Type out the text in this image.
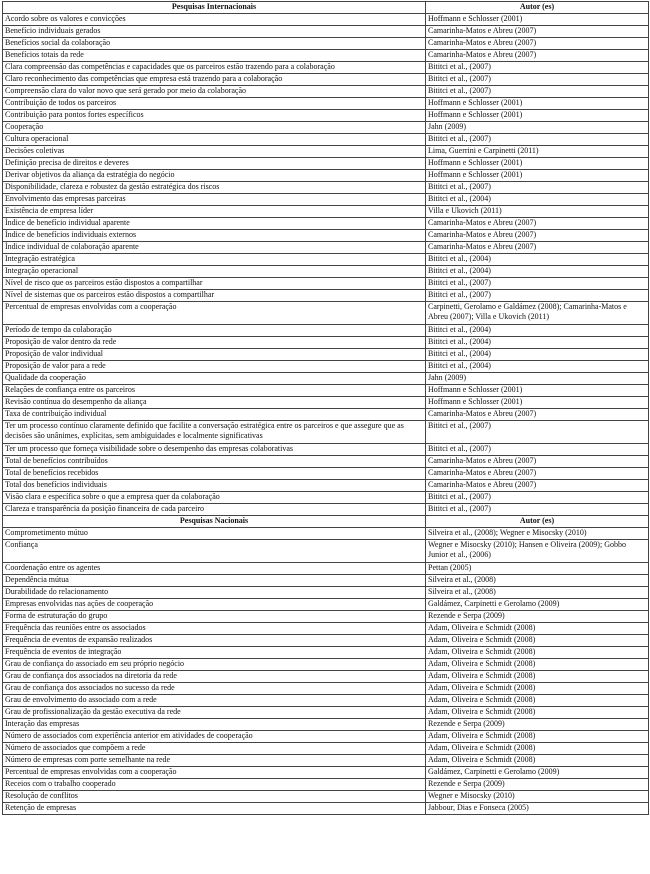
Pesquisas Internacionais	Autor (es)
Acordo sobre os valores e convicções	Hoffmann e Schlosser (2001)
Benefício individuais gerados	Camarinha-Matos e Abreu (2007)
Benefícios social da colaboração	Camarinha-Matos e Abreu (2007)
Benefícios totais da rede	Camarinha-Matos e Abreu (2007)
Clara compreensão das competências e capacidades que os parceiros estão trazendo para a colaboração	Bititci et al., (2007)
Claro reconhecimento das competências que empresa está trazendo para a colaboração	Bititci et al., (2007)
Compreensão clara do valor novo que será gerado por meio da colaboração	Bititci et al., (2007)
Contribuição de todos os parceiros	Hoffmann e Schlosser (2001)
Contribuição para pontos fortes específicos	Hoffmann e Schlosser (2001)
Cooperação	Jahn (2009)
Cultura operacional	Bititci et al., (2007)
Decisões coletivas	Lima, Guerrini e Carpinetti (2011)
Definição precisa de direitos e deveres	Hoffmann e Schlosser (2001)
Derivar objetivos da aliança da estratégia do negócio	Hoffmann e Schlosser (2001)
Disponibilidade, clareza e robustez da gestão estratégica dos riscos	Bititci et al., (2007)
Envolvimento das empresas parceiras	Bititci et al., (2004)
Existência de empresa líder	Villa e Ukovich (2011)
Índice de benefício individual aparente	Camarinha-Matos e Abreu (2007)
Índice de benefícios individuais externos	Camarinha-Matos e Abreu (2007)
Índice individual de colaboração aparente	Camarinha-Matos e Abreu (2007)
Integração estratégica	Bititci et al., (2004)
Integração operacional	Bititci et al., (2004)
Nível de risco que os parceiros estão dispostos a compartilhar	Bititci et al., (2007)
Nível de sistemas que os parceiros estão dispostos a compartilhar	Bititci et al., (2007)
Percentual de empresas envolvidas com a cooperação	Carpinetti, Gerolamo e Galdámez (2008); Camarinha-Matos e Abreu (2007); Villa e Ukovich (2011)
Período de tempo da colaboração	Bititci et al., (2004)
Proposição de valor dentro da rede	Bititci et al., (2004)
Proposição de valor individual	Bititci et al., (2004)
Proposição de valor para a rede	Bititci et al., (2004)
Qualidade da cooperação	Jahn (2009)
Relações de confiança entre os parceiros	Hoffmann e Schlosser (2001)
Revisão contínua do desempenho da aliança	Hoffmann e Schlosser (2001)
Taxa de contribuição individual	Camarinha-Matos e Abreu (2007)
Ter um processo contínuo claramente definido que facilite a conversação estratégica entre os parceiros e que assegure que as decisões são unânimes, explícitas, sem ambiguidades e localmente significativas	Bititci et al., (2007)
Ter um processo que forneça visibilidade sobre o desempenho das empresas colaborativas	Bititci et al., (2007)
Total de benefícios contribuídos	Camarinha-Matos e Abreu (2007)
Total de benefícios recebidos	Camarinha-Matos e Abreu (2007)
Total dos benefícios individuais	Camarinha-Matos e Abreu (2007)
Visão clara e específica sobre o que a empresa quer da colaboração	Bititci et al., (2007)
Clareza e transparência da posição financeira de cada parceiro	Bititci et al., (2007)
Pesquisas Nacionais	Autor (es)
Comprometimento mútuo	Silveira et al., (2008); Wegner e Misocsky (2010)
Confiança	Wegner e Misocsky (2010); Hansen e Oliveira (2009); Gobbo Junior et al., (2006)
Coordenação entre os agentes	Pettan (2005)
Dependência mútua	Silveira et al., (2008)
Durabilidade do relacionamento	Silveira et al., (2008)
Empresas envolvidas nas ações de cooperação	Galdámez, Carpinetti e Gerolamo (2009)
Forma de estruturação do grupo	Rezende e Serpa (2009)
Frequência das reuniões entre os associados	Adam, Oliveira e Schmidt (2008)
Frequência de eventos de expansão realizados	Adam, Oliveira e Schmidt (2008)
Frequência de eventos de integração	Adam, Oliveira e Schmidt (2008)
Grau de confiança do associado em seu próprio negócio	Adam, Oliveira e Schmidt (2008)
Grau de confiança dos associados na diretoria da rede	Adam, Oliveira e Schmidt (2008)
Grau de confiança dos associados no sucesso da rede	Adam, Oliveira e Schmidt (2008)
Grau de envolvimento do associado com a rede	Adam, Oliveira e Schmidt (2008)
Grau de profissionalização da gestão executiva da rede	Adam, Oliveira e Schmidt (2008)
Interação das empresas	Rezende e Serpa (2009)
Número de associados com experiência anterior em atividades de cooperação	Adam, Oliveira e Schmidt (2008)
Número de associados que compõem a rede	Adam, Oliveira e Schmidt (2008)
Número de empresas com porte semelhante na rede	Adam, Oliveira e Schmidt (2008)
Percentual de empresas envolvidas com a cooperação	Galdámez, Carpinetti e Gerolamo (2009)
Receios com o trabalho cooperado	Rezende e Serpa (2009)
Resolução de conflitos	Wegner e Misocsky (2010)
Retenção de empresas	Jabbour, Dias e Fonseca (2005)
